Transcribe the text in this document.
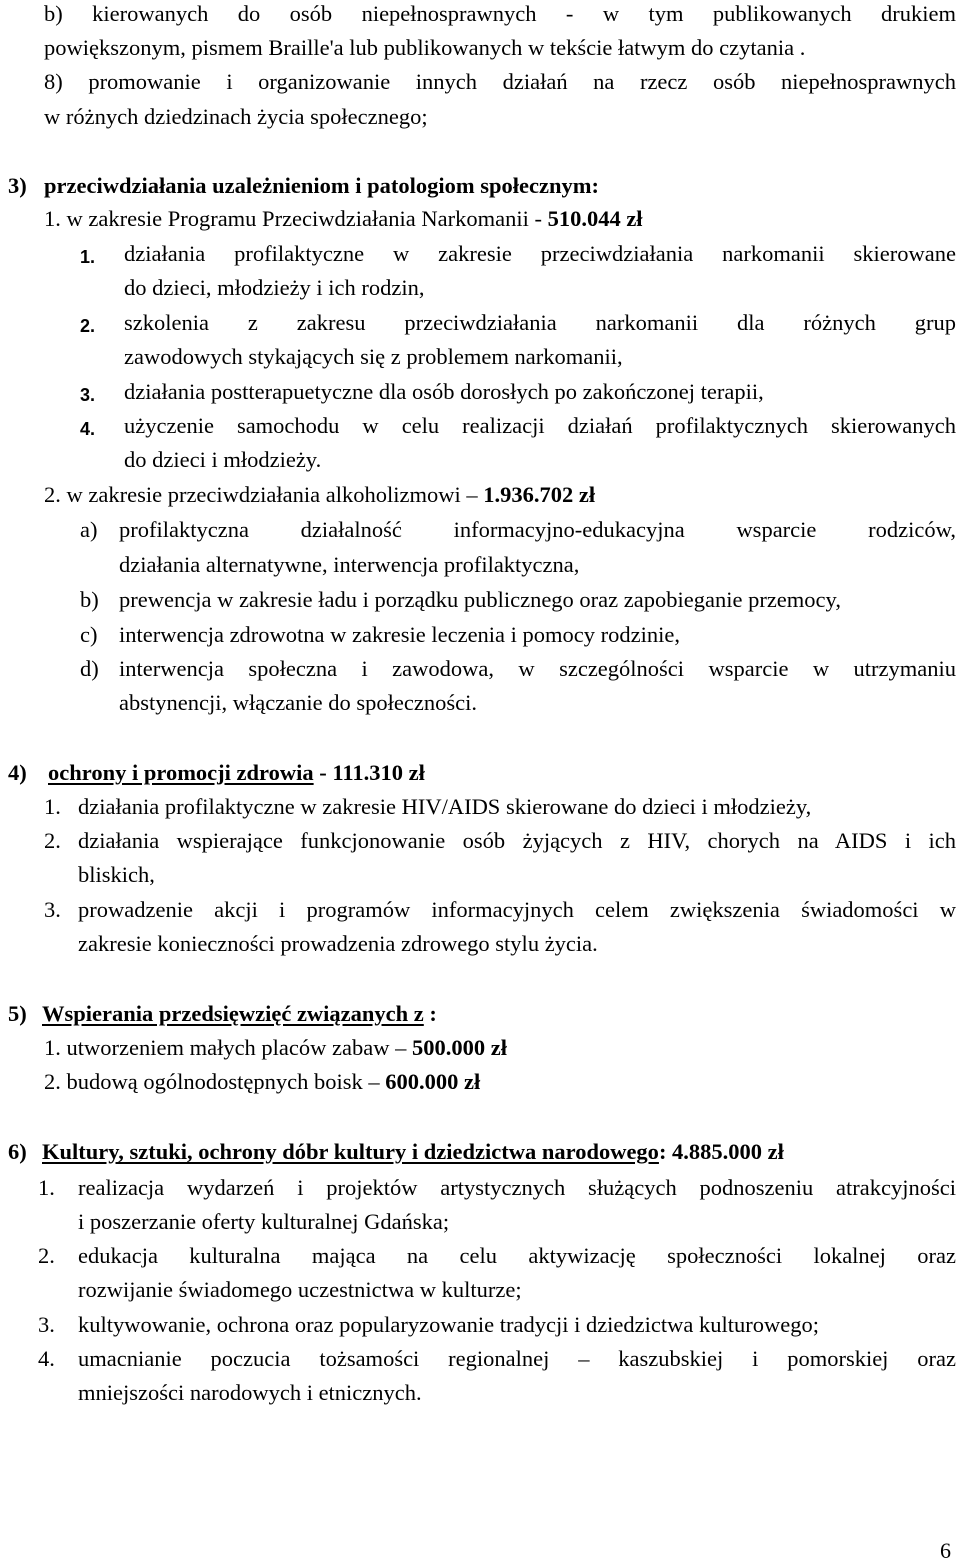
b) kierowanych do osób niepełnosprawnych - w tym publikowanych drukiem
powiększonym, pismem Braille'a lub publikowanych w tekście łatwym do czytania .
8) promowanie i organizowanie innych działań na rzecz osób niepełnosprawnych
w różnych dziedzinach życia społecznego;
3) przeciwdziałania uzależnieniom i patologiom społecznym:
1. w zakresie Programu Przeciwdziałania Narkomanii - 510.044 zł
1. działania profilaktyczne w zakresie przeciwdziałania narkomanii skierowane
do dzieci, młodzieży i ich rodzin,
2. szkolenia z zakresu przeciwdziałania narkomanii dla różnych grup
zawodowych stykających się z problemem narkomanii,
3. działania postterapuetyczne dla osób dorosłych po zakończonej terapii,
4. użyczenie samochodu w celu realizacji działań profilaktycznych skierowanych
do dzieci i młodzieży.
2. w zakresie przeciwdziałania alkoholizmowi – 1.936.702 zł
a) profilaktyczna działalność informacyjno-edukacyjna wsparcie rodziców,
działania alternatywne, interwencja profilaktyczna,
b) prewencja w zakresie ładu i porządku publicznego oraz zapobieganie przemocy,
c) interwencja zdrowotna w zakresie leczenia i pomocy rodzinie,
d) interwencja społeczna i zawodowa, w szczególności wsparcie w utrzymaniu
abstynencji, włączanie do społeczności.
4) ochrony i promocji zdrowia - 111.310 zł
1. działania profilaktyczne w zakresie HIV/AIDS skierowane do dzieci i młodzieży,
2. działania wspierające funkcjonowanie osób żyjących z HIV, chorych na AIDS i ich
bliskich,
3. prowadzenie akcji i programów informacyjnych celem zwiększenia świadomości w
zakresie konieczności prowadzenia zdrowego stylu życia.
5) Wspierania przedsięwzięć związanych z :
1. utworzeniem małych placów zabaw – 500.000 zł
2. budową ogólnodostępnych boisk – 600.000 zł
6) Kultury, sztuki, ochrony dóbr kultury i dziedzictwa narodowego: 4.885.000 zł
1. realizacja wydarzeń i projektów artystycznych służących podnoszeniu atrakcyjności
i poszerzanie oferty kulturalnej Gdańska;
2. edukacja kulturalna mająca na celu aktywizację społeczności lokalnej oraz
rozwijanie świadomego uczestnictwa w kulturze;
3. kultywowanie, ochrona oraz popularyzowanie tradycji i dziedzictwa kulturowego;
4. umacnianie poczucia tożsamości regionalnej – kaszubskiej i pomorskiej oraz
mniejszości narodowych i etnicznych.
6
